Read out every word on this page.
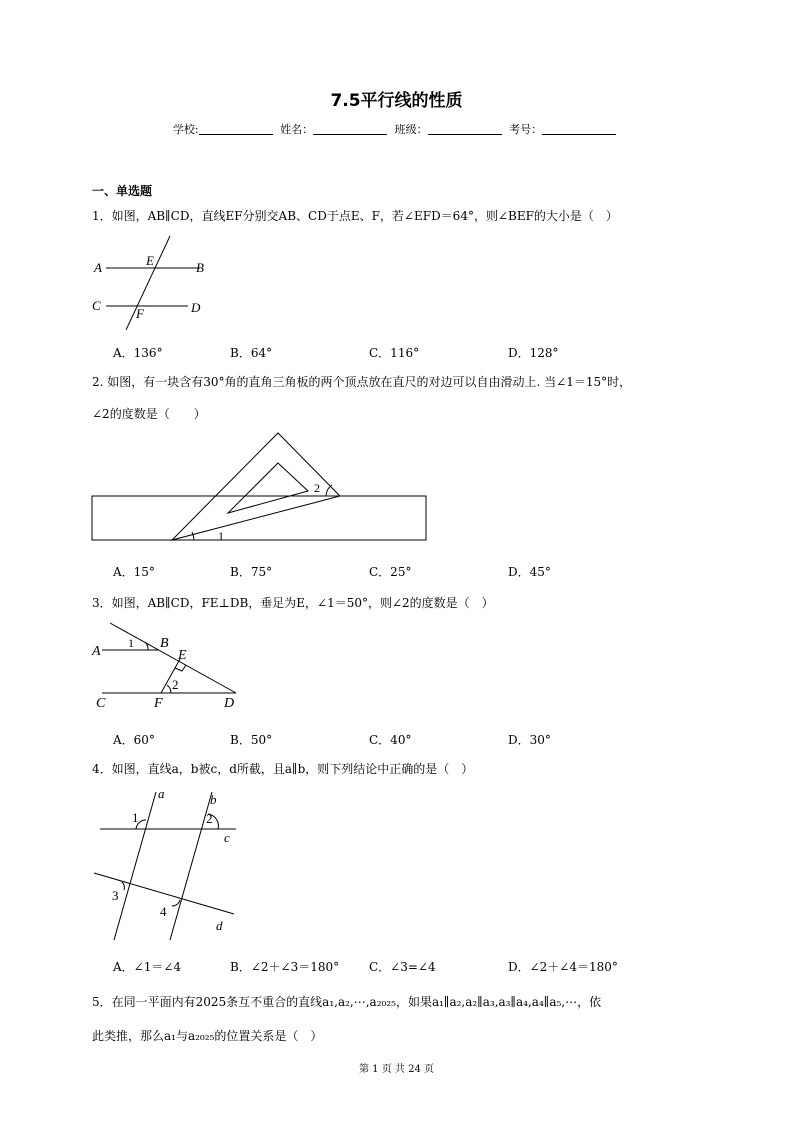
7.5平行线的性质
学校:	姓名：	班级：	考号：
一、单选题
1．如图，AB∥CD，直线EF分别交AB、CD于点E、F，若∠EFD＝64°，则∠BEF的大小是（　）
A	E	B
C
F	D
A．136°	B．64°	C．116°	D．128°
2. 如图，有一块含有30°角的直角三角板的两个顶点放在直尺的对边可以自由滑动上. 当∠1＝15°时，
∠2的度数是（　　）
2
1
A．15°	B．75°	C．25°	D．45°
3．如图，AB∥CD，FE⊥DB，垂足为E，∠1＝50°，则∠2的度数是（　）
A
1 B
E
2
C	F	D
A．60°	B．50°	C．40°	D．30°
4．如图，直线a，b被c，d所截，且a∥b，则下列结论中正确的是（　）
a	b
c
d
1	2
3
4
A．∠1＝∠4	B．∠2＋∠3＝180° C．∠3=∠4	D．∠2＋∠4＝180°
5．在同一平面内有2025条互不重合的直线a₁,a₂,⋯,a₂₀₂₅，如果a₁∥a₂,a₂∥a₃,a₃∥a₄,a₄∥a₅,⋯，依
此类推，那么a₁与a₂₀₂₅的位置关系是（　）
第 1 页 共 24 页
